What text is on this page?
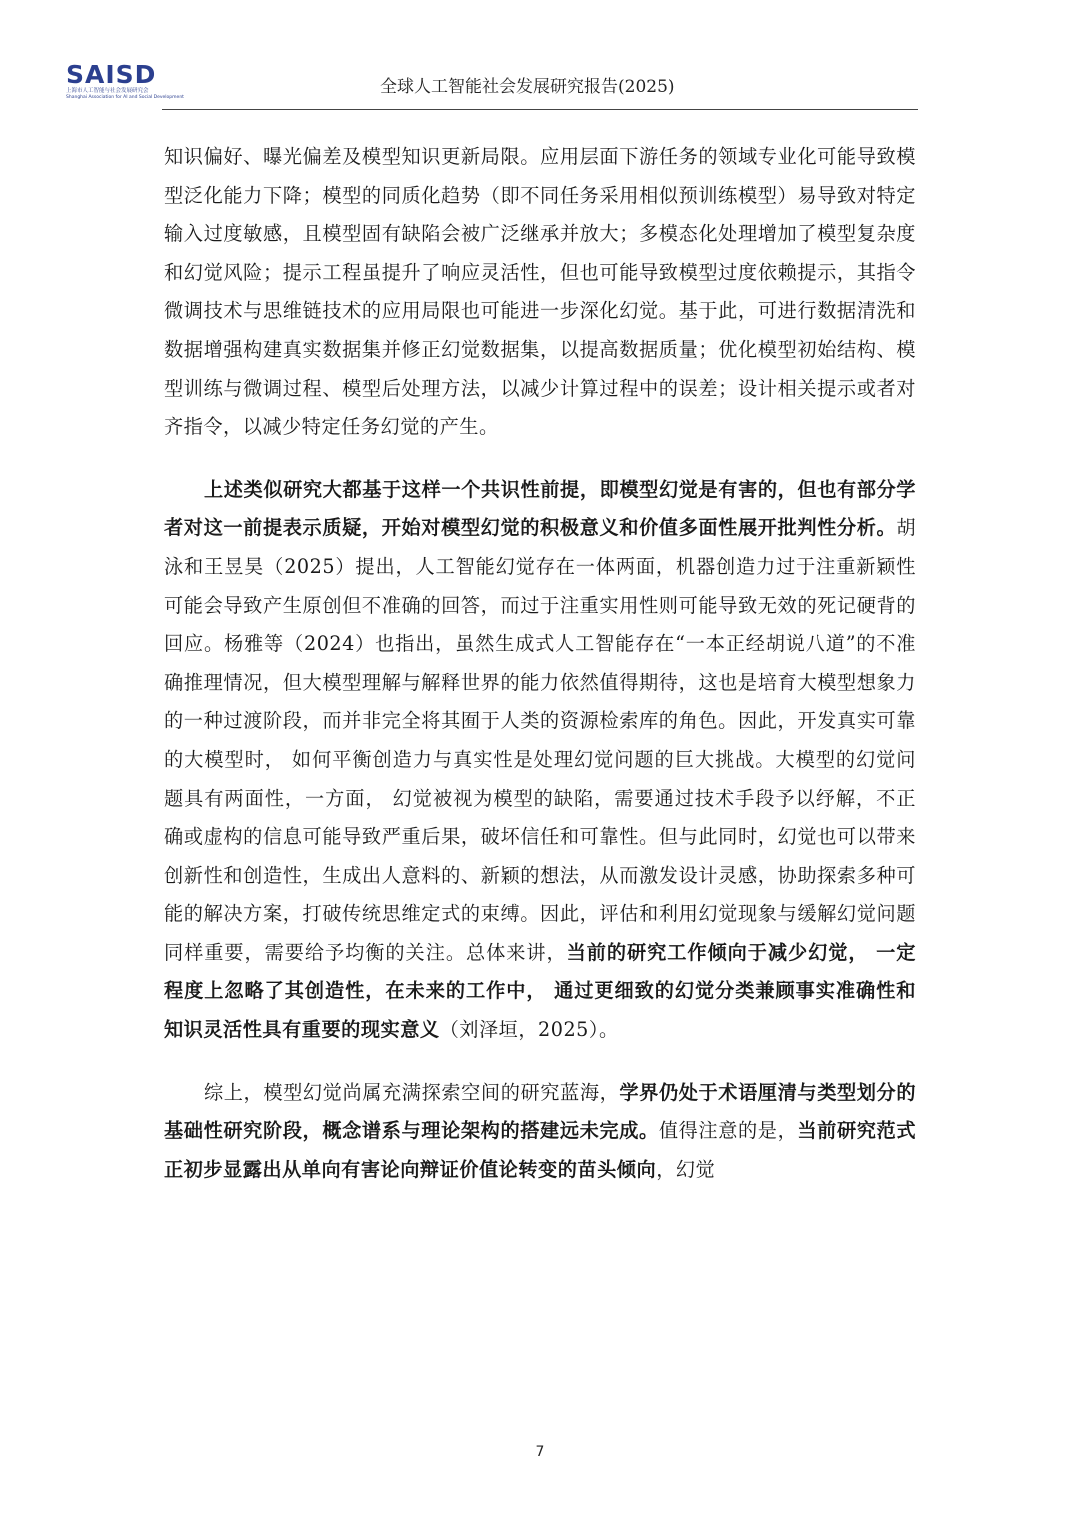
SAISD
上海市人工智能与社会发展研究会
Shanghai Association for AI and Social Development
全球人工智能社会发展研究报告(2025)

知识偏好、曝光偏差及模型知识更新局限。应用层面下游任务的领域专业化可能导致模型泛化能力下降；模型的同质化趋势（即不同任务采用相似预训练模型）易导致对特定输入过度敏感，且模型固有缺陷会被广泛继承并放大；多模态化处理增加了模型复杂度和幻觉风险；提示工程虽提升了响应灵活性，但也可能导致模型过度依赖提示，其指令微调技术与思维链技术的应用局限也可能进一步深化幻觉。基于此，可进行数据清洗和数据增强构建真实数据集并修正幻觉数据集，以提高数据质量；优化模型初始结构、模型训练与微调过程、模型后处理方法，以减少计算过程中的误差；设计相关提示或者对齐指令，以减少特定任务幻觉的产生。

上述类似研究大都基于这样一个共识性前提，即模型幻觉是有害的，但也有部分学者对这一前提表示质疑，开始对模型幻觉的积极意义和价值多面性展开批判性分析。胡泳和王昱昊（2025）提出，人工智能幻觉存在一体两面，机器创造力过于注重新颖性可能会导致产生原创但不准确的回答，而过于注重实用性则可能导致无效的死记硬背的回应。杨雅等（2024）也指出，虽然生成式人工智能存在“一本正经胡说八道”的不准确推理情况，但大模型理解与解释世界的能力依然值得期待，这也是培育大模型想象力的一种过渡阶段，而并非完全将其囿于人类的资源检索库的角色。因此，开发真实可靠的大模型时， 如何平衡创造力与真实性是处理幻觉问题的巨大挑战。大模型的幻觉问题具有两面性，一方面， 幻觉被视为模型的缺陷，需要通过技术手段予以纾解，不正确或虚构的信息可能导致严重后果，破坏信任和可靠性。但与此同时，幻觉也可以带来创新性和创造性，生成出人意料的、新颖的想法，从而激发设计灵感，协助探索多种可能的解决方案，打破传统思维定式的束缚。因此，评估和利用幻觉现象与缓解幻觉问题同样重要，需要给予均衡的关注。总体来讲，当前的研究工作倾向于减少幻觉， 一定程度上忽略了其创造性，在未来的工作中， 通过更细致的幻觉分类兼顾事实准确性和知识灵活性具有重要的现实意义（刘泽垣，2025）。

综上，模型幻觉尚属充满探索空间的研究蓝海，学界仍处于术语厘清与类型划分的基础性研究阶段，概念谱系与理论架构的搭建远未完成。值得注意的是，当前研究范式正初步显露出从单向有害论向辩证价值论转变的苗头倾向，幻觉

7
